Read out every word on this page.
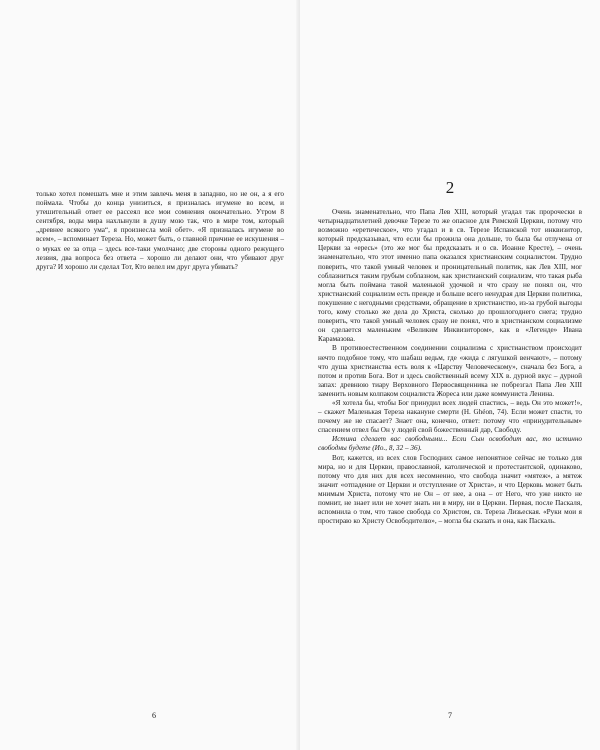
только хотел помешать мне и этим завлечь меня в западню, но не он, а я его поймала. Чтобы до конца унизиться, я призналась игумене во всем, и утешительный ответ ее рассеял все мои сомнения окончательно. Утром 8 сентября, воды мира нахлынули в душу мою так, что в мире том, который „древнее всякого ума“, я произнесла мой обет». «Я призналась игумене во всем», – вспоминает Тереза. Но, может быть, о главной причине ее искушения – о муках ее за отца – здесь все-таки умолчано; две стороны одного режущего лезвия, два вопроса без ответа – хорошо ли делают они, что убивают друг друга? И хорошо ли сделал Тот, Кто велел им друг друга убивать?

6
2

Очень знаменательно, что Папа Лев XIII, который угадал так пророчески в четырнадцатилетней девочке Терезе то же опасное для Римской Церкви, потому что возможно «еретическое», что угадал и в св. Терезе Испанской тот инквизитор, который предсказывал, что если бы прожила она дольше, то была бы отлучена от Церкви за «ересь» (это же мог бы предсказать и о св. Иоанне Кресте), – очень знаменательно, что этот именно папа оказался христианским социалистом. Трудно поверить, что такой умный человек и проницательный политик, как Лев XIII, мог соблазниться таким грубым соблазном, как христианский социализм, что такая рыба могла быть поймана такой маленькой удочкой и что сразу не понял он, что христианский социализм есть прежде и больше всего ненудрая для Церкви политика, покушение с негодными средствами, обращение в христианство, из-за грубой выгоды того, кому столько же дела до Христа, сколько до прошлогоднего снега; трудно поверить, что такой умный человек сразу не понял, что в христианском социализме он сделается маленьким «Великим Инквизитором», как в «Легенде» Ивана Карамазова.

В противоестественном соединении социализма с христианством происходит нечто подобное тому, что шабаш ведьм, где «жида с лягушкой венчают», – потому что душа христианства есть воля к «Царству Человеческому», сначала без Бога, а потом и против Бога. Вот и здесь свойственный всему XIX в. дурной вкус – дурной запах: древнюю тиару Верховного Первосвященника не побрезгал Папа Лев XIII заменить новым колпаком социалиста Жореса или даже коммуниста Ленина.

«Я хотела бы, чтобы Бог принудил всех людей спастись, – ведь Он это может!», – скажет Маленькая Тереза накануне смерти (H. Ghéon, 74). Если может спасти, то почему же не спасает? Знает она, конечно, ответ: потому что «принудительным» спасением отвел бы Он у людей свой божественный дар, Свободу.

Истина сделает вас свободными... Если Сын освободит вас, то истинно свободны будете (Ио., 8, 32 – 36).

Вот, кажется, из всех слов Господних самое непонятное сейчас не только для мира, но и для Церкви, православной, католической и протестантской, одинаково, потому что для них для всех несомненно, что свобода значит «мятеж», а мятеж значит «отпадение от Церкви и отступление от Христа», и что Церковь может быть мнимым Христа, потому что не Он – от нее, а она – от Него, что уже никто не помнит, не знает или не хочет знать ни в миру, ни в Церкви. Первая, после Паскаля, вспомнила о том, что такое свобода со Христом, св. Тереза Лизьеская. «Руки мои я простираю ко Христу Освободителю», – могла бы сказать и она, как Паскаль.

7
